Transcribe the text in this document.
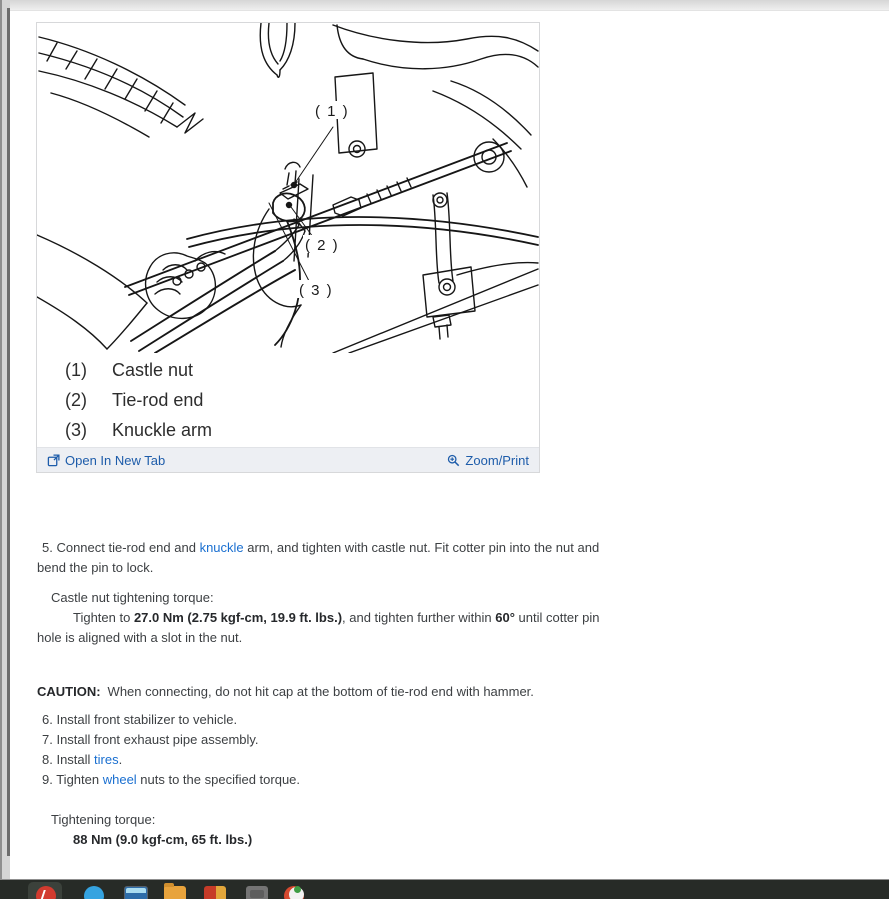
( 1 )
( 2 )
( 3 )
(1)	Castle nut
(2)	Tie-rod end
(3)	Knuckle arm
Open In New Tab	Zoom/Print

5. Connect tie-rod end and knuckle arm, and tighten with castle nut. Fit cotter pin into the nut and
bend the pin to lock.

Castle nut tightening torque:
Tighten to 27.0 Nm (2.75 kgf-cm, 19.9 ft. lbs.), and tighten further within 60° until cotter pin
hole is aligned with a slot in the nut.

CAUTION: When connecting, do not hit cap at the bottom of tie-rod end with hammer.

6. Install front stabilizer to vehicle.
7. Install front exhaust pipe assembly.
8. Install tires.
9. Tighten wheel nuts to the specified torque.
Tightening torque:
88 Nm (9.0 kgf-cm, 65 ft. lbs.)
